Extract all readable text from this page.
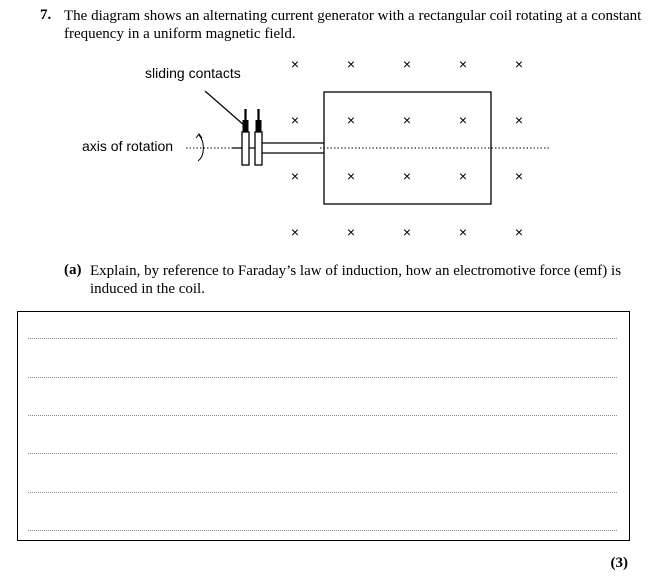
7. The diagram shows an alternating current generator with a rectangular coil rotating at a constant frequency in a uniform magnetic field.
×	×	×	×	×
×	×	×	×	×
×	×	×	×	×
×	×	×	×	×
sliding contacts
axis of rotation
(a) Explain, by reference to Faraday’s law of induction, how an electromotive force (emf) is induced in the coil.
(3)
